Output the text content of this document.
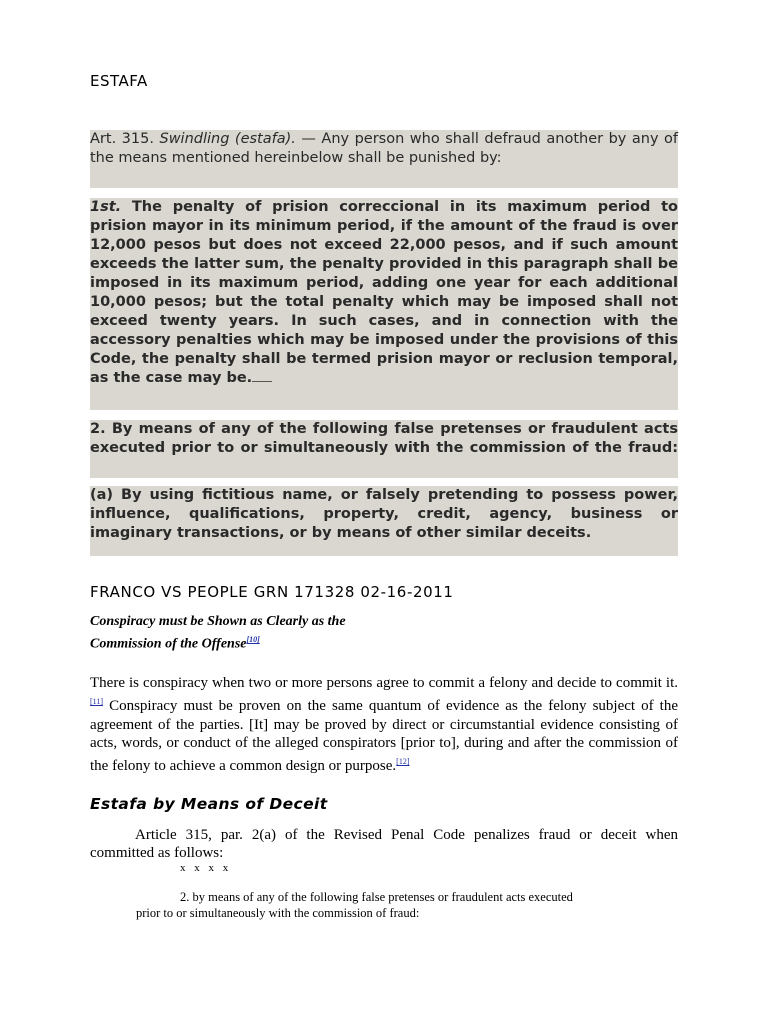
ESTAFA
Art. 315. Swindling (estafa). — Any person who shall defraud another by any of the means mentioned hereinbelow shall be punished by:
1st. The penalty of prision correccional in its maximum period to prision mayor in its minimum period, if the amount of the fraud is over 12,000 pesos but does not exceed 22,000 pesos, and if such amount exceeds the latter sum, the penalty provided in this paragraph shall be imposed in its maximum period, adding one year for each additional 10,000 pesos; but the total penalty which may be imposed shall not exceed twenty years. In such cases, and in connection with the accessory penalties which may be imposed under the provisions of this Code, the penalty shall be termed prision mayor or reclusion temporal, as the case may be.
2. By means of any of the following false pretenses or fraudulent acts executed prior to or simultaneously with the commission of the fraud:
(a) By using fictitious name, or falsely pretending to possess power, influence, qualifications, property, credit, agency, business or imaginary transactions, or by means of other similar deceits.
FRANCO VS PEOPLE GRN 171328 02-16-2011
Conspiracy must be Shown as Clearly as the
Commission of the Offense[10]
There is conspiracy when two or more persons agree to commit a felony and decide to commit it.[11] Conspiracy must be proven on the same quantum of evidence as the felony subject of the agreement of the parties. [It] may be proved by direct or circumstantial evidence consisting of acts, words, or conduct of the alleged conspirators [prior to], during and after the commission of the felony to achieve a common design or purpose.[12]
Estafa by Means of Deceit
Article 315, par. 2(a) of the Revised Penal Code penalizes fraud or deceit when committed as follows:
x x x x
2. by means of any of the following false pretenses or fraudulent acts executed
prior to or simultaneously with the commission of fraud:
